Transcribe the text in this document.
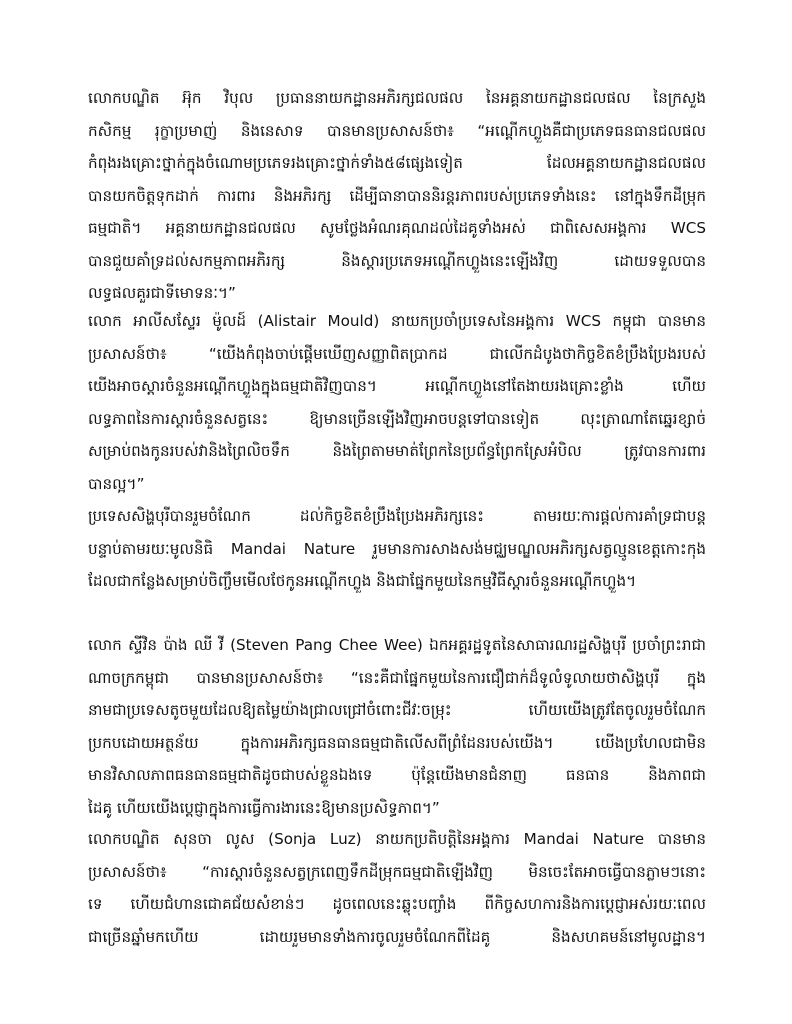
លោកបណ្ឌិត អ៊ុក វិបុល ប្រធាននាយកដ្ឋានអភិរក្សជលផល នៃអគ្គនាយកដ្ឋានជលផល នៃក្រសួង
កសិកម្ម រុក្ខាប្រមាញ់ និងនេសាទ បានមានប្រសាសន៍ថា៖ “អណ្ដើកហ្លួងគឺជាប្រភេទធនធានជលផល
កំពុងរងគ្រោះថ្នាក់ក្នុងចំណោមប្រភេទរងគ្រោះថ្នាក់ទាំង៥៨ផ្សេងទៀត ដែលអគ្គនាយកដ្ឋានជលផល
បានយកចិត្តទុកដាក់ ការពារ និងអភិរក្ស ដើម្បីធានាបាននិរន្តរភាពរបស់ប្រភេទទាំងនេះ នៅក្នុងទឹកដីម្រុក
ធម្មជាតិ។ អគ្គនាយកដ្ឋានជលផល សូមថ្លែងអំណរគុណដល់ដៃគូទាំងអស់ ជាពិសេសអង្គការ WCS
បានជួយគាំទ្រដល់សកម្មភាពអភិរក្ស និងស្ដារប្រភេទអណ្ដើកហ្លួងនេះឡើងវិញ ដោយទទួលបាន
លទ្ធផលគួរជាទីមោទនៈ។”
លោក អាលីសស្ទែរ ម៉ូលដ៍ (Alistair Mould) នាយកប្រចាំប្រទេសនៃអង្គការ WCS កម្ពុជា បានមាន
ប្រសាសន៍ថា៖ “យើងកំពុងចាប់ផ្ដើមឃើញសញ្ញាពិតប្រាកដ ជាលើកដំបូងថាកិច្ចខិតខំប្រឹងប្រែងរបស់
យើងអាចស្ដារចំនួនអណ្ដើកហ្លួងក្នុងធម្មជាតិវិញបាន។ អណ្ដើកហ្លួងនៅតែងាយរងគ្រោះខ្លាំង ហើយ
លទ្ធភាពនៃការស្ដារចំនួនសត្វនេះ ឱ្យមានច្រើនឡើងវិញអាចបន្តទៅបានទៀត លុះត្រាណាតែឆ្នេរខ្សាច់
សម្រាប់ពងកូនរបស់វានិងព្រៃលិចទឹក និងព្រៃតាមមាត់ព្រែកនៃប្រព័ន្ធព្រែកស្រែអំបិល ត្រូវបានការពារ
បានល្អ។”
ប្រទេសសិង្ហបុរីបានរួមចំណែក ដល់កិច្ចខិតខំប្រឹងប្រែងអភិរក្សនេះ តាមរយៈការផ្ដល់ការគាំទ្រជាបន្ត
បន្ទាប់តាមរយៈមូលនិធិ Mandai Nature រួមមានការសាងសង់មជ្ឈមណ្ឌលអភិរក្សសត្វល្មូនខេត្តកោះកុង
ដែលជាកន្លែងសម្រាប់ចិញ្ចឹមមើលថែកូនអណ្ដើកហ្លួង និងជាផ្នែកមួយនៃកម្មវិធីស្ដារចំនួនអណ្ដើកហ្លួង។
លោក ស្ទីវិន ប៉ាង ឈី វី (Steven Pang Chee Wee) ឯកអគ្គរដ្ឋទូតនៃសាធារណរដ្ឋសិង្ហបុរី ប្រចាំព្រះរាជា
ណាចក្រកម្ពុជា បានមានប្រសាសន៍ថា៖ “នេះគឺជាផ្នែកមួយនៃការជឿជាក់ដ៏ទូលំទូលាយថាសិង្ហបុរី ក្នុង
នាមជាប្រទេសតូចមួយដែលឱ្យតម្លៃយ៉ាងជ្រាលជ្រៅចំពោះជីវៈចម្រុះ ហើយយើងត្រូវតែចូលរួមចំណែក
ប្រកបដោយអត្ថន័យ ក្នុងការអភិរក្សធនធានធម្មជាតិលើសពីព្រំដែនរបស់យើង។ យើងប្រហែលជាមិន
មានវិសាលភាពធនធានធម្មជាតិដូចជាបស់ខ្លួនឯងទេ ប៉ុន្តែយើងមានជំនាញ ធនធាន និងភាពជា
ដៃគូ ហើយយើងប្ដេជ្ញាក្នុងការធ្វើការងារនេះឱ្យមានប្រសិទ្ធភាព។”
លោកបណ្ឌិត សុនចា លូស (Sonja Luz) នាយកប្រតិបត្តិនៃអង្គការ Mandai Nature បានមាន
ប្រសាសន៍ថា៖ “ការស្ដារចំនួនសត្វក្រពេញទឹកដីម្រុកធម្មជាតិឡើងវិញ មិនចេះតែអាចធ្វើបានភ្លាមៗនោះ
ទេ ហើយជំហានជោគជ័យសំខាន់ៗ ដូចពេលនេះឆ្លុះបញ្ចាំង ពីកិច្ចសហការនិងការប្ដេជ្ញាអស់រយៈពេល
ជាច្រើនឆ្នាំមកហើយ ដោយរួមមានទាំងការចូលរួមចំណែកពីដៃគូ និងសហគមន៍នៅមូលដ្ឋាន។
